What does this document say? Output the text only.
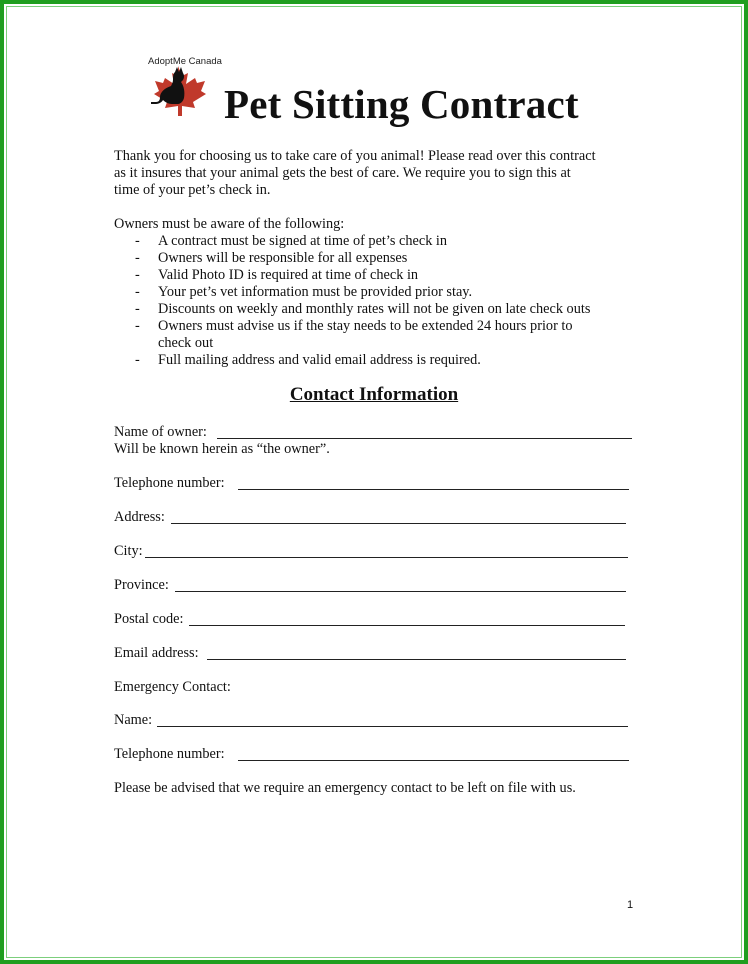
AdoptMe Canada
Pet Sitting Contract
Thank you for choosing us to take care of you animal! Please read over this contract
as it insures that your animal gets the best of care. We require you to sign this at
time of your pet’s check in.
Owners must be aware of the following:
- A contract must be signed at time of pet’s check in
- Owners will be responsible for all expenses
- Valid Photo ID is required at time of check in
- Your pet’s vet information must be provided prior stay.
- Discounts on weekly and monthly rates will not be given on late check outs
- Owners must advise us if the stay needs to be extended 24 hours prior to
check out
- Full mailing address and valid email address is required.
Contact Information
Name of owner:
Will be known herein as “the owner”.
Telephone number:
Address:
City:
Province:
Postal code:
Email address:
Emergency Contact:
Name:
Telephone number:
Please be advised that we require an emergency contact to be left on file with us.
1
